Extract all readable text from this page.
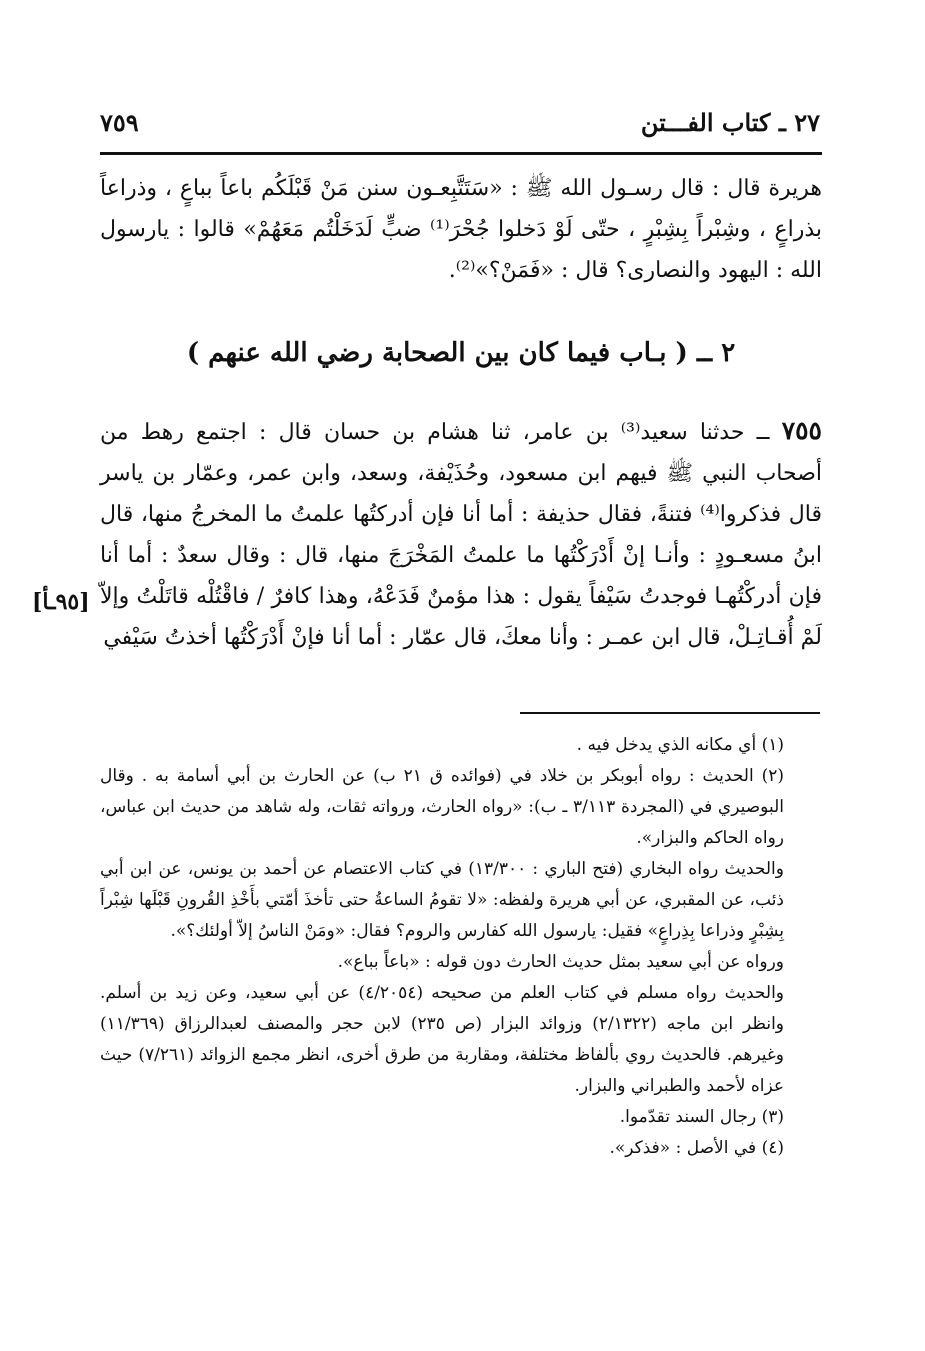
٢٧ ـ كتاب الفـــتن
٧٥٩
هريرة قال : قال رسـول الله ﷺ : «سَتَتَّبِعـون سنن مَنْ قَبْلَكُم باعاً بباعٍ ، وذراعاً بذراعٍ ، وشِبْراً بِشِبْرٍ ، حتّى لَوْ دَخلوا جُحْرَ⁽¹⁾ ضبٍّ لَدَخَلْتُم مَعَهُمْ» قالوا : يارسول الله : اليهود والنصارى؟ قال : «فَمَنْ؟»⁽²⁾.
٢ ــ ( بـاب فيما كان بين الصحابة رضي الله عنهم )
٧٥٥ ــ حدثنا سعيد⁽³⁾ بن عامر، ثنا هشام بن حسان قال : اجتمع رهط من أصحاب النبي ﷺ فيهم ابن مسعود، وحُذَيْفة، وسعد، وابن عمر، وعمّار بن ياسر قال فذكروا⁽⁴⁾ فتنةً، فقال حذيفة : أما أنا فإن أدركتُها علمتُ ما المخرجُ منها، قال ابنُ مسعـودٍ : وأنـا إنْ أَدْرَكْتُها ما علمتُ المَخْرَجَ منها، قال : وقال سعدٌ : أما أنا فإن أدركْتُهـا فوجدتُ سَيْفاً يقول : هذا مؤمنٌ فَدَعْهُ، وهذا كافرٌ / فاقْتُلْه قاتَلْتُ وإلاّ لَمْ أُقـاتِـلْ، قال ابن عمـر : وأنا معكَ، قال عمّار : أما أنا فإنْ أَدْرَكْتُها أخذتُ سَيْفي
[٩٥ـأ]

(١) أي مكانه الذي يدخل فيه .

(٢) الحديث : رواه أبوبكر بن خلاد في (فوائده ق ٢١ ب) عن الحارث بن أبي أسامة به . وقال البوصيري في (المجردة ٣/١١٣ ـ ب): «رواه الحارث، ورواته ثقات، وله شاهد من حديث ابن عباس، رواه الحاكم والبزار».

والحديث رواه البخاري (فتح الباري : ١٣/٣٠٠) في كتاب الاعتصام عن أحمد بن يونس، عن ابن أبي ذئب، عن المقبري، عن أبي هريرة ولفظه: «لا تقومُ الساعةُ حتى تأخذَ أمّتي بأَخْذِ القُرونِ قَبْلَها شِبْراً بِشِبْرٍ وذراعا بِذِراعٍ» فقيل: يارسول الله كفارس والروم؟ فقال: «ومَنْ الناسُ إلاّ أولئك؟».

ورواه عن أبي سعيد بمثل حديث الحارث دون قوله : «باعاً بباع».

والحديث رواه مسلم في كتاب العلم من صحيحه (٤/٢٠٥٤) عن أبي سعيد، وعن زيد بن أسلم. وانظر ابن ماجه (٢/١٣٢٢) وزوائد البزار (ص ٢٣٥) لابن حجر والمصنف لعبدالرزاق (١١/٣٦٩) وغيرهم. فالحديث روي بألفاظ مختلفة، ومقاربة من طرق أخرى، انظر مجمع الزوائد (٧/٢٦١) حيث عزاه لأحمد والطبراني والبزار.

(٣) رجال السند تقدّموا.

(٤) في الأصل : «فذكر».
